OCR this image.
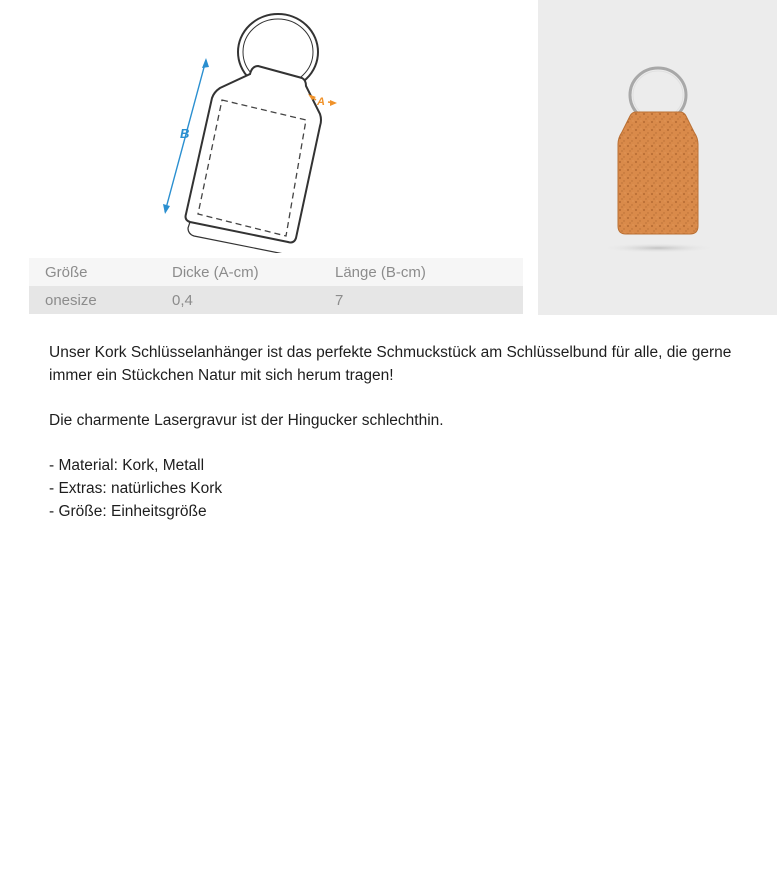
B
A
Größe	Dicke (A-cm)	Länge (B-cm)
onesize	0,4	7

Unser Kork Schlüsselanhänger ist das perfekte Schmuckstück am Schlüsselbund für alle, die gerne immer ein Stückchen Natur mit sich herum tragen!

Die charmente Lasergravur ist der Hingucker schlechthin.

- Material: Kork, Metall

- Extras: natürliches Kork

- Größe: Einheitsgröße
